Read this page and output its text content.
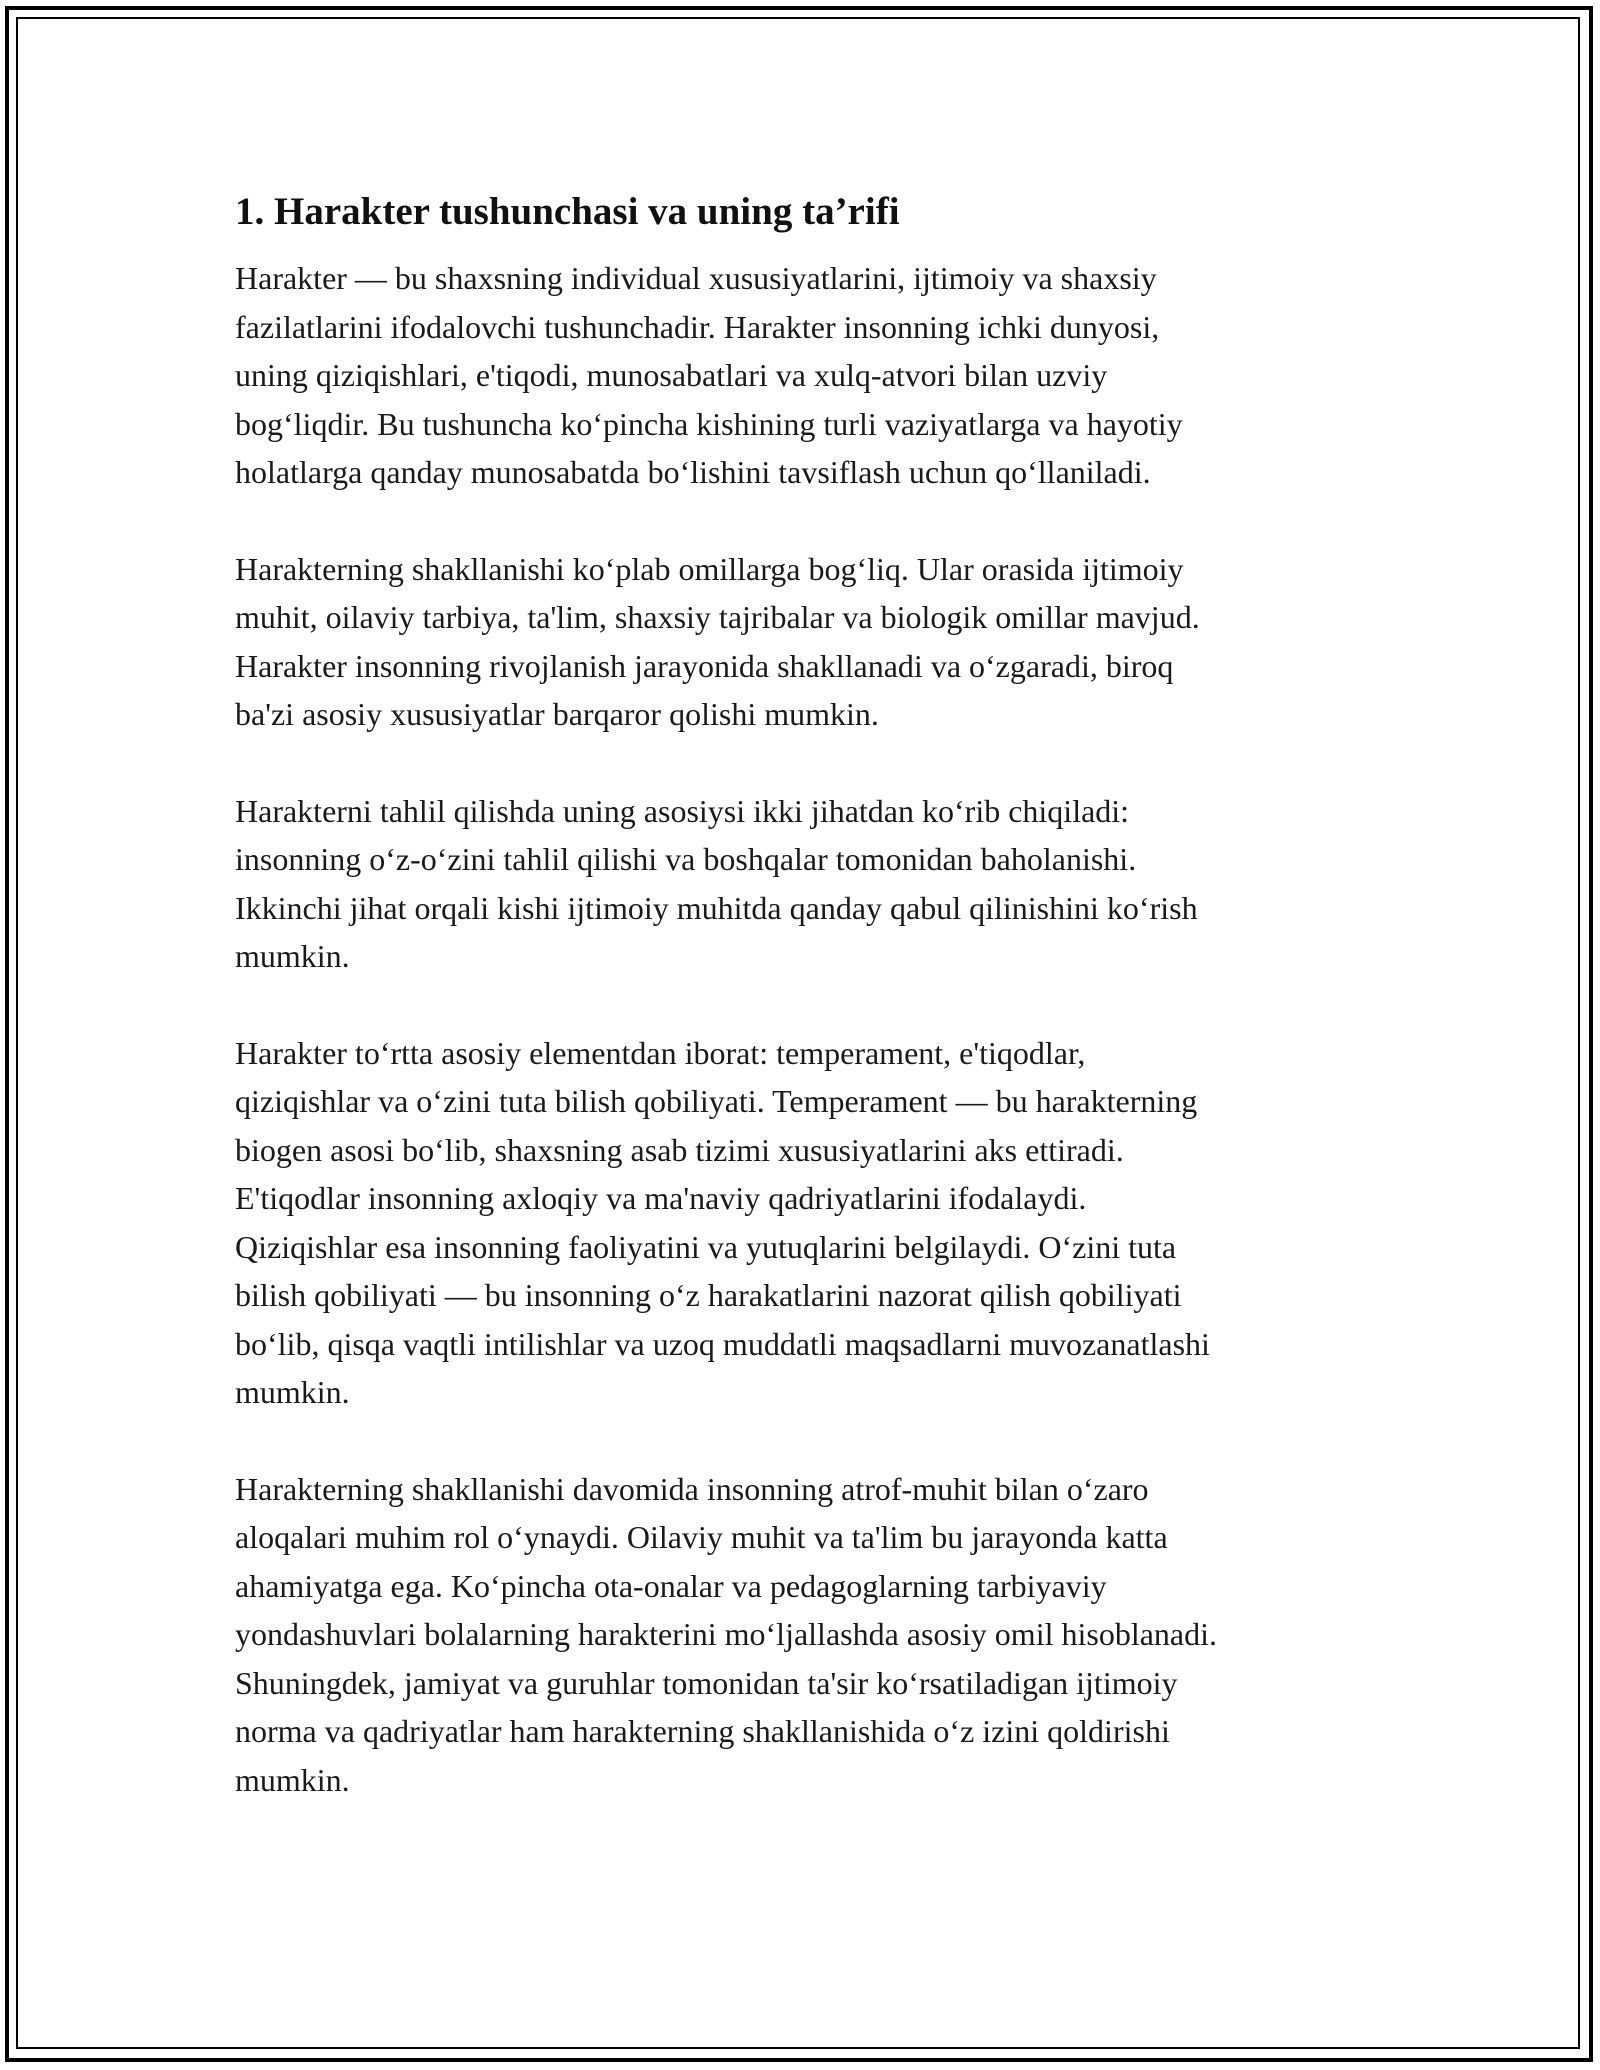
1. Harakter tushunchasi va uning ta’rifi

Harakter — bu shaxsning individual xususiyatlarini, ijtimoiy va shaxsiy
fazilatlarini ifodalovchi tushunchadir. Harakter insonning ichki dunyosi,
uning qiziqishlari, e'tiqodi, munosabatlari va xulq-atvori bilan uzviy
bog‘liqdir. Bu tushuncha ko‘pincha kishining turli vaziyatlarga va hayotiy
holatlarga qanday munosabatda bo‘lishini tavsiflash uchun qo‘llaniladi.

Harakterning shakllanishi ko‘plab omillarga bog‘liq. Ular orasida ijtimoiy
muhit, oilaviy tarbiya, ta'lim, shaxsiy tajribalar va biologik omillar mavjud.
Harakter insonning rivojlanish jarayonida shakllanadi va o‘zgaradi, biroq
ba'zi asosiy xususiyatlar barqaror qolishi mumkin.

Harakterni tahlil qilishda uning asosiysi ikki jihatdan ko‘rib chiqiladi:
insonning o‘z-o‘zini tahlil qilishi va boshqalar tomonidan baholanishi.
Ikkinchi jihat orqali kishi ijtimoiy muhitda qanday qabul qilinishini ko‘rish
mumkin.

Harakter to‘rtta asosiy elementdan iborat: temperament, e'tiqodlar,
qiziqishlar va o‘zini tuta bilish qobiliyati. Temperament — bu harakterning
biogen asosi bo‘lib, shaxsning asab tizimi xususiyatlarini aks ettiradi.
E'tiqodlar insonning axloqiy va ma'naviy qadriyatlarini ifodalaydi.
Qiziqishlar esa insonning faoliyatini va yutuqlarini belgilaydi. O‘zini tuta
bilish qobiliyati — bu insonning o‘z harakatlarini nazorat qilish qobiliyati
bo‘lib, qisqa vaqtli intilishlar va uzoq muddatli maqsadlarni muvozanatlashi
mumkin.

Harakterning shakllanishi davomida insonning atrof-muhit bilan o‘zaro
aloqalari muhim rol o‘ynaydi. Oilaviy muhit va ta'lim bu jarayonda katta
ahamiyatga ega. Ko‘pincha ota-onalar va pedagoglarning tarbiyaviy
yondashuvlari bolalarning harakterini mo‘ljallashda asosiy omil hisoblanadi.
Shuningdek, jamiyat va guruhlar tomonidan ta'sir ko‘rsatiladigan ijtimoiy
norma va qadriyatlar ham harakterning shakllanishida o‘z izini qoldirishi
mumkin.
